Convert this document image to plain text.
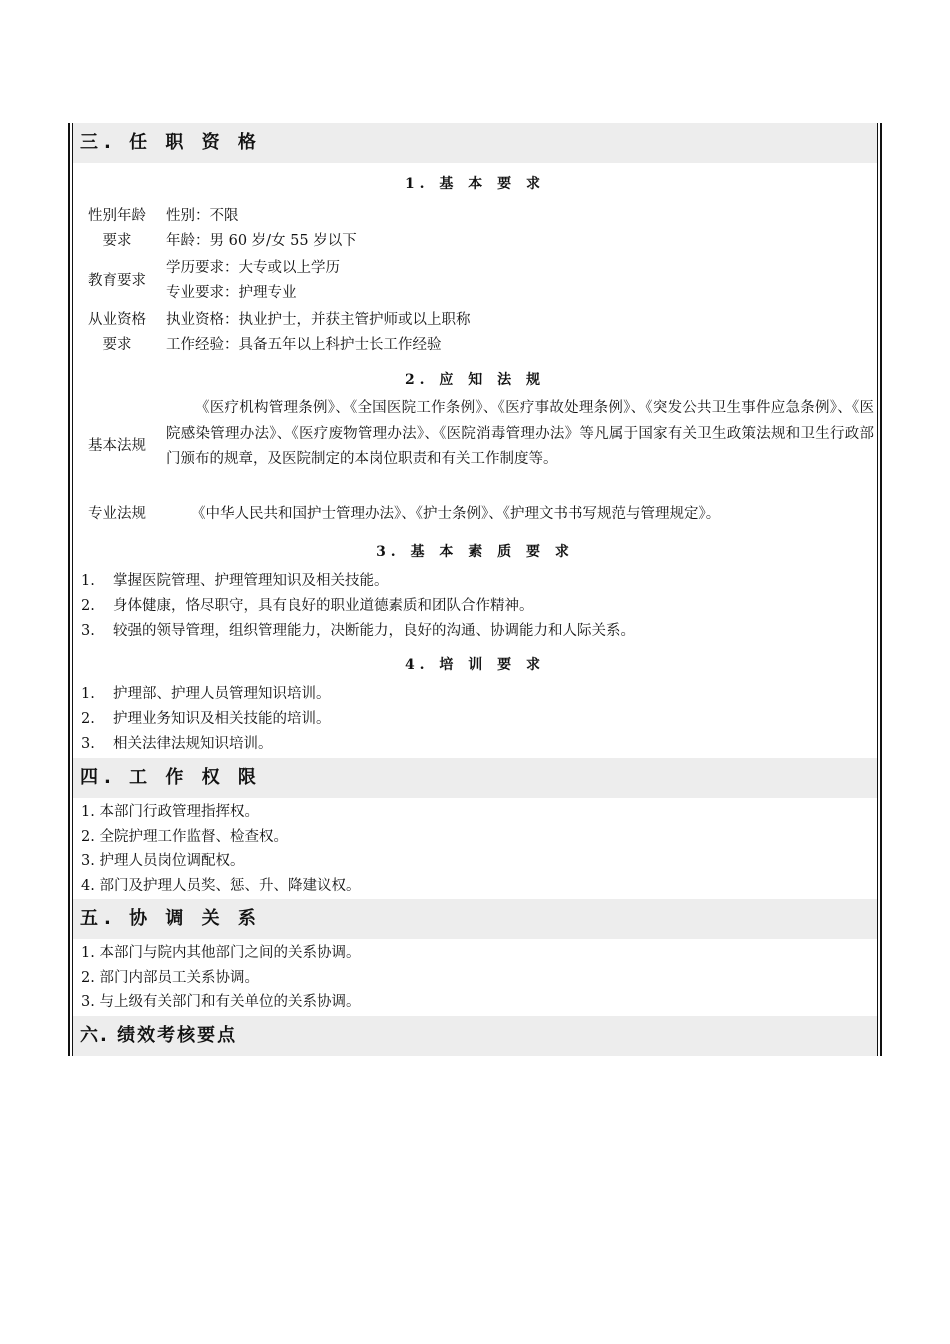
三. 任 职 资 格
1. 基 本 要 求
性别年龄
要求
性别：不限
年龄：男 60 岁/女 55 岁以下
教育要求
学历要求：大专或以上学历
专业要求：护理专业
从业资格
要求
执业资格：执业护士，并获主管护师或以上职称
工作经验：具备五年以上科护士长工作经验
2. 应 知 法 规
基本法规
《医疗机构管理条例》、《全国医院工作条例》、《医疗事故处理条例》、《突发公共卫生事件应急条例》、《医院感染管理办法》、《医疗废物管理办法》、《医院消毒管理办法》等凡属于国家有关卫生政策法规和卫生行政部门颁布的规章，及医院制定的本岗位职责和有关工作制度等。
专业法规	《中华人民共和国护士管理办法》、《护士条例》、《护理文书书写规范与管理规定》。
3. 基 本 素 质 要 求
1. 掌握医院管理、护理管理知识及相关技能。
2. 身体健康，恪尽职守，具有良好的职业道德素质和团队合作精神。
3. 较强的领导管理，组织管理能力，决断能力，良好的沟通、协调能力和人际关系。
4. 培 训 要 求
1. 护理部、护理人员管理知识培训。
2. 护理业务知识及相关技能的培训。
3. 相关法律法规知识培训。
四. 工 作 权 限
1. 本部门行政管理指挥权。
2. 全院护理工作监督、检查权。
3. 护理人员岗位调配权。
4. 部门及护理人员奖、惩、升、降建议权。
五. 协 调 关 系
1. 本部门与院内其他部门之间的关系协调。
2. 部门内部员工关系协调。
3. 与上级有关部门和有关单位的关系协调。
六. 绩效考核要点
